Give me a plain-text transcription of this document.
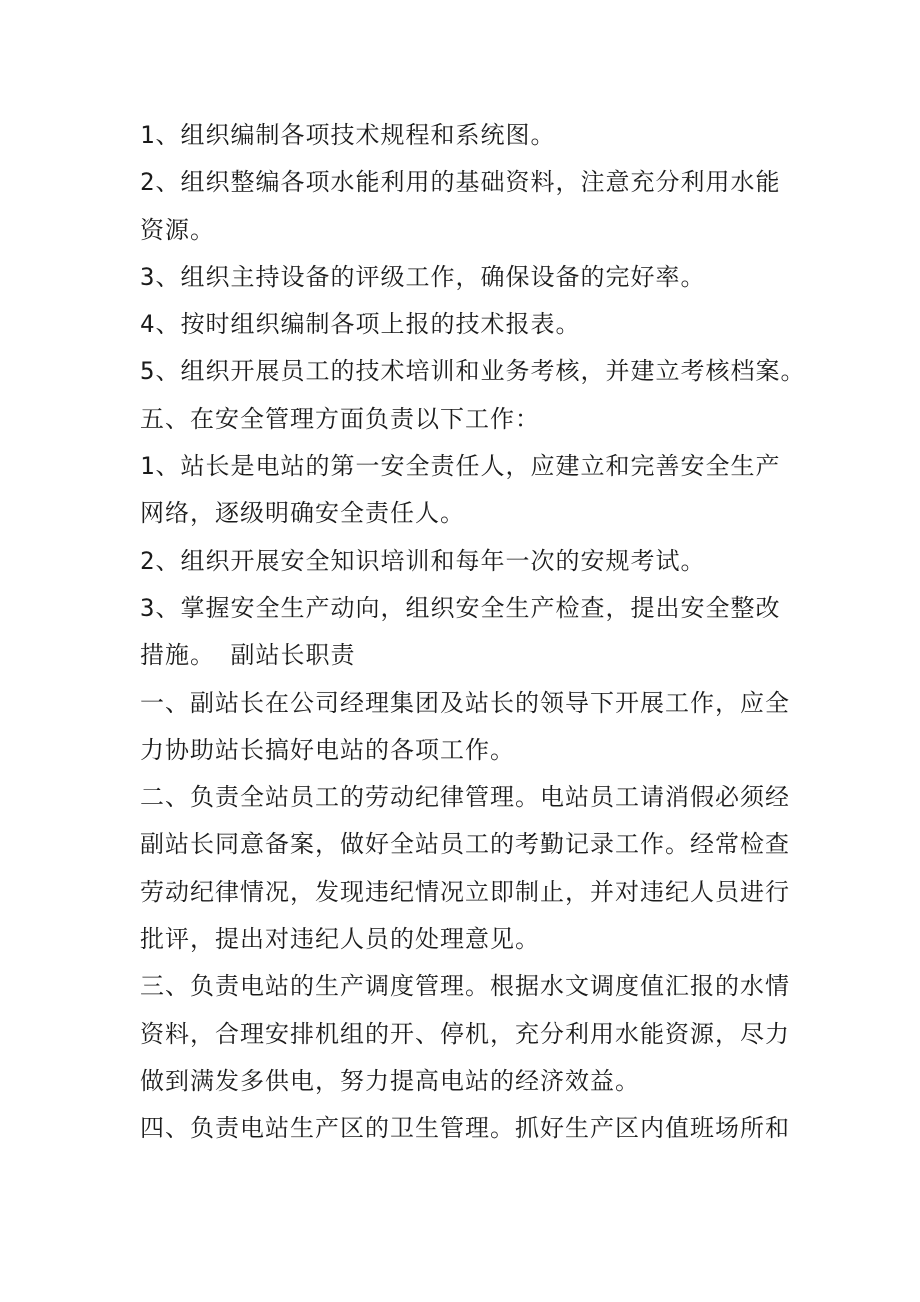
1、组织编制各项技术规程和系统图。
2、组织整编各项水能利用的基础资料，注意充分利用水能
资源。
3、组织主持设备的评级工作，确保设备的完好率。
4、按时组织编制各项上报的技术报表。
5、组织开展员工的技术培训和业务考核，并建立考核档案。
五、在安全管理方面负责以下工作：
1、站长是电站的第一安全责任人，应建立和完善安全生产
网络，逐级明确安全责任人。
2、组织开展安全知识培训和每年一次的安规考试。
3、掌握安全生产动向，组织安全生产检查，提出安全整改
措施。 副站长职责
一、副站长在公司经理集团及站长的领导下开展工作，应全
力协助站长搞好电站的各项工作。
二、负责全站员工的劳动纪律管理。电站员工请消假必须经
副站长同意备案，做好全站员工的考勤记录工作。经常检查
劳动纪律情况，发现违纪情况立即制止，并对违纪人员进行
批评，提出对违纪人员的处理意见。
三、负责电站的生产调度管理。根据水文调度值汇报的水情
资料，合理安排机组的开、停机，充分利用水能资源，尽力
做到满发多供电，努力提高电站的经济效益。
四、负责电站生产区的卫生管理。抓好生产区内值班场所和
